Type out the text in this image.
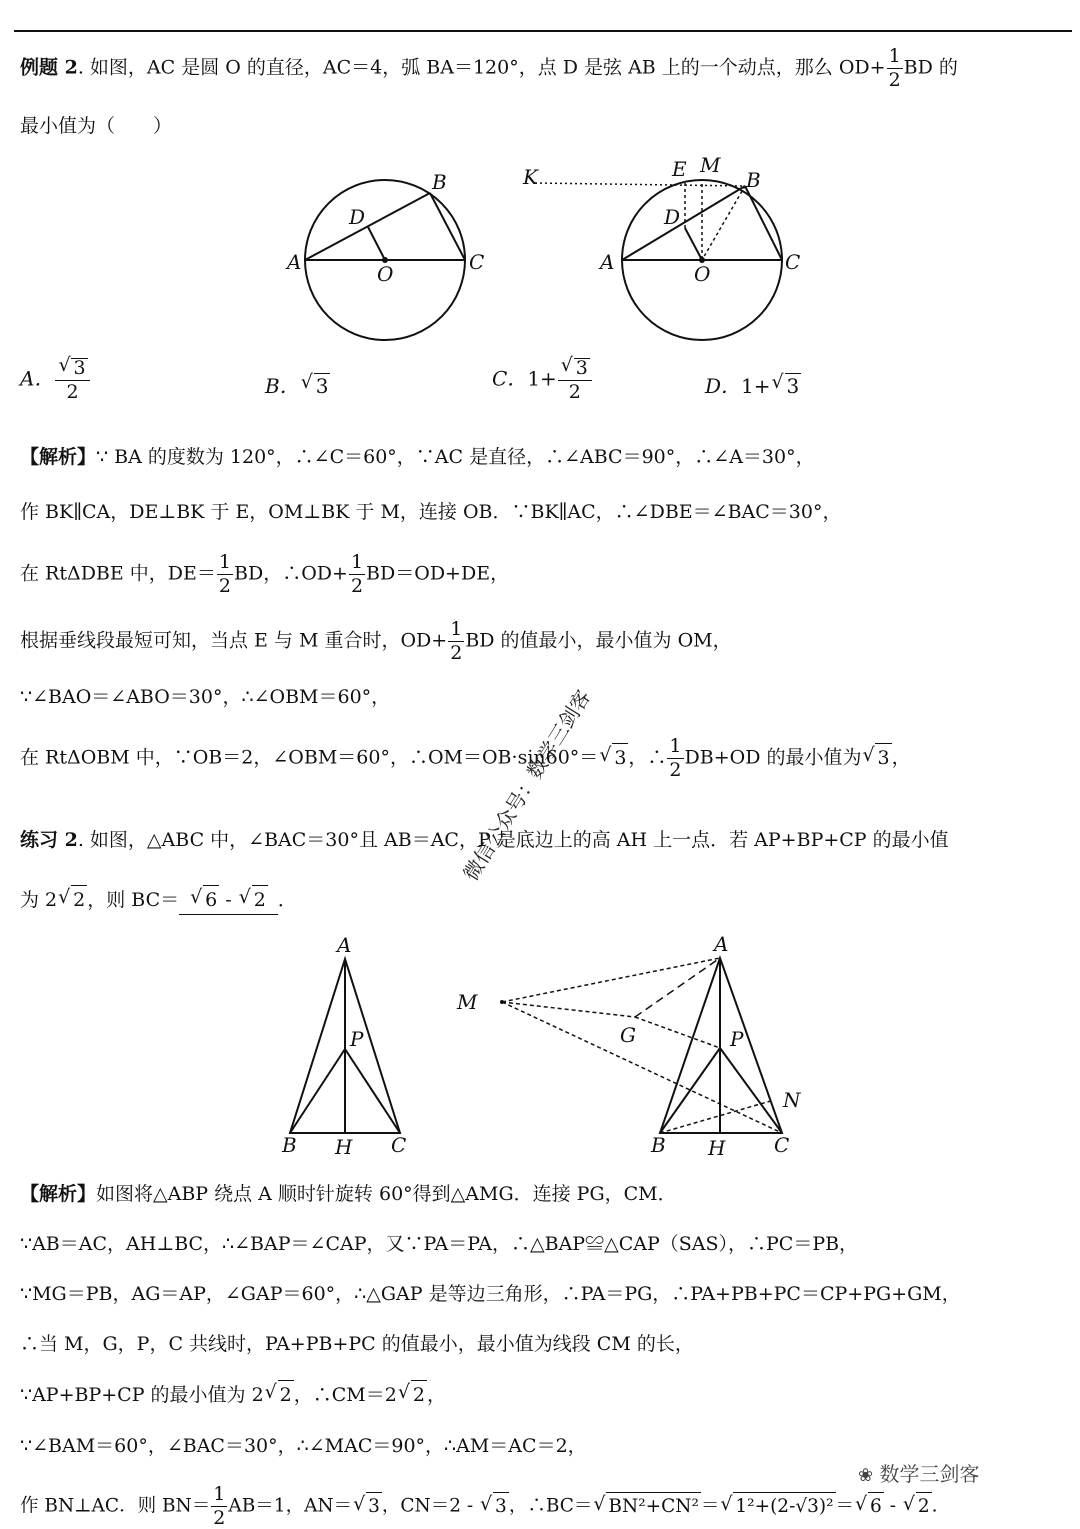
例题 2. 如图，AC 是圆 O 的直径，AC＝4，弧 BA＝120°，点 D 是弦 AB 上的一个动点，那么 $OD+ \frac{1}{2}$ BD 的
最小值为（　　）
A
B
C
D
O
K	E M
B
D
A	C
O
A． √ $\frac{3}{2}$	B． √ 3	C．1+ √ $\frac{3}{2}$	D．1+ √ 3
【解析】∵ BA 的度数为 120°，∴∠C＝60°，∵AC 是直径，∴∠ABC＝90°，∴∠A＝30°，
作 BK∥CA，DE⊥BK 于 E，OM⊥BK 于 M，连接 OB．∵BK∥AC，∴∠DBE＝∠BAC＝30°，
在 RtΔDBE 中，$DE= \frac{1}{2}$ BD，∴OD+ $\frac{1}{2} BD=OD+DE$，
根据垂线段最短可知，当点 E 与 M 重合时，$OD+ \frac{1}{2}$ BD 的值最小，最小值为 OM，
∵∠BAO＝∠ABO＝30°，∴∠OBM＝60°，
在 RtΔOBM 中，∵OB＝2，∠OBM＝60°，∴OM＝OB·sin60°＝ √ 3 ，∴ $\frac{1}{2} DB+OD$ 的最小值为 √ 3 ，
练习 2. 如图，△ABC 中，∠BAC＝30°且 AB＝AC，P 是底边上的高 AH 上一点．若 AP+BP+CP 的最小值
为 2 √ 2 ，则 BC＝ √ 6 - √ 2 ．
A
P
B H C
M
A
G	P
N
B H C
【解析】如图将△ABP 绕点 A 顺时针旋转 60°得到△AMG．连接 PG，CM．
∵AB＝AC，AH⊥BC，∴∠BAP＝∠CAP，又∵PA＝PA，∴△BAP≌△CAP（SAS），∴PC＝PB，
∵MG＝PB，AG＝AP，∠GAP＝60°，∴△GAP 是等边三角形，∴PA＝PG，∴PA+PB+PC＝CP+PG+GM，
∴当 M，G，P，C 共线时，PA+PB+PC 的值最小，最小值为线段 CM 的长，
∵AP+BP+CP 的最小值为 2 √ 2 ，∴CM＝2 √ 2 ，
∵∠BAM＝60°，∠BAC＝30°，∴∠MAC＝90°，∴AM＝AC＝2，
作 BN⊥AC．则 $BN= \frac{1}{2} AB=1$，AN＝ √ 3 ，CN＝2 - √ 3 ，∴BC＝ √ BN²+CN² ＝ √ 1²+(2-√3)² ＝ √ 6 - √ 2 .
微信公众号：数学三剑客
❀ 数学三剑客
